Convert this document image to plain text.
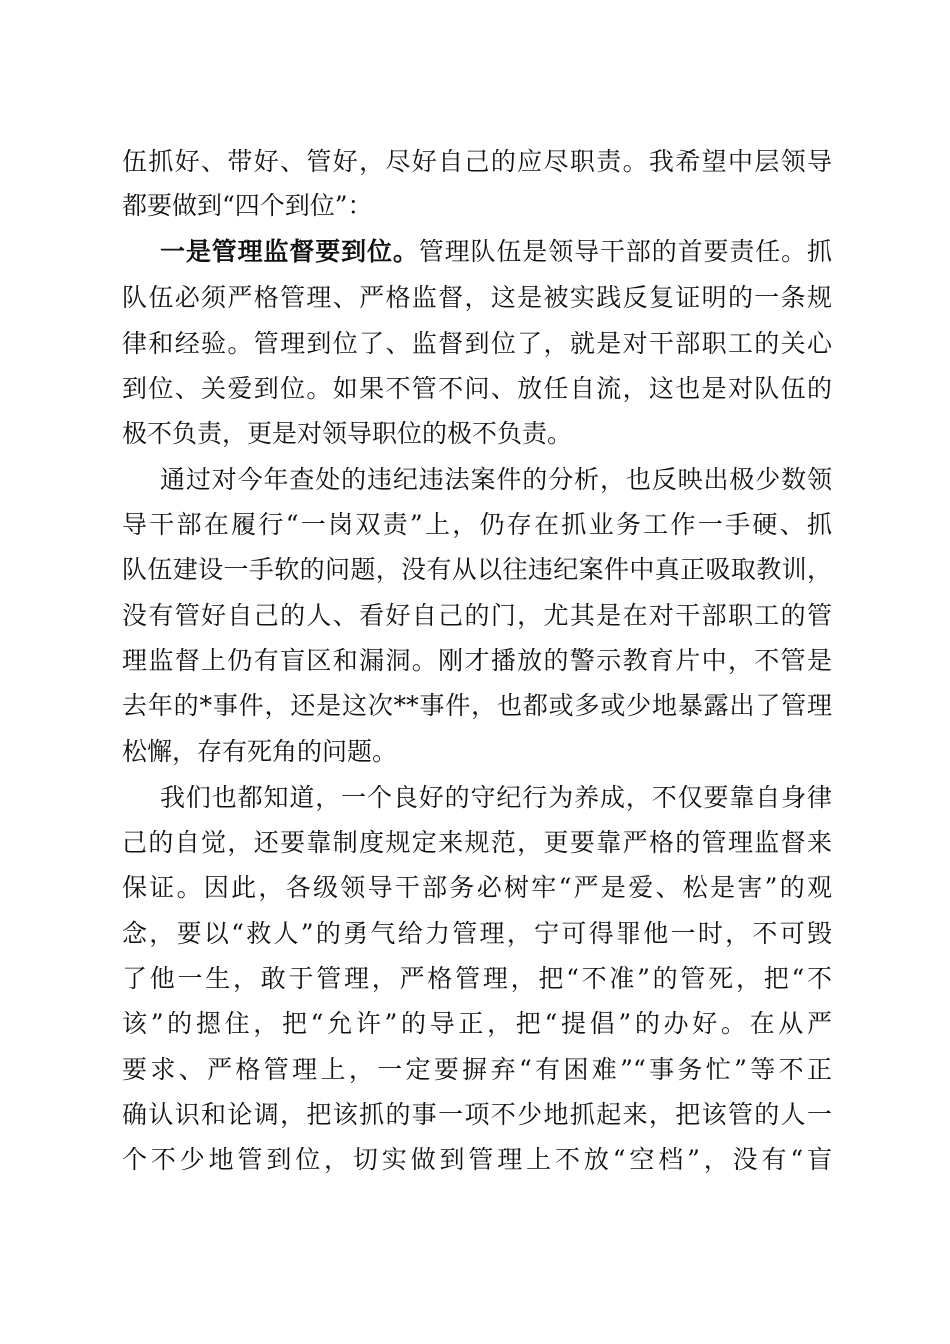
伍抓好、带好、管好，尽好自己的应尽职责。我希望中层领导
都要做到“四个到位”：
一是管理监督要到位。管理队伍是领导干部的首要责任。抓
队伍必须严格管理、严格监督，这是被实践反复证明的一条规
律和经验。管理到位了、监督到位了，就是对干部职工的关心
到位、关爱到位。如果不管不问、放任自流，这也是对队伍的
极不负责，更是对领导职位的极不负责。
通过对今年查处的违纪违法案件的分析，也反映出极少数领
导干部在履行“一岗双责”上，仍存在抓业务工作一手硬、抓
队伍建设一手软的问题，没有从以往违纪案件中真正吸取教训，
没有管好自己的人、看好自己的门，尤其是在对干部职工的管
理监督上仍有盲区和漏洞。刚才播放的警示教育片中，不管是
去年的*事件，还是这次**事件，也都或多或少地暴露出了管理
松懈，存有死角的问题。
我们也都知道，一个良好的守纪行为养成，不仅要靠自身律
己的自觉，还要靠制度规定来规范，更要靠严格的管理监督来
保证。因此，各级领导干部务必树牢“严是爱、松是害”的观
念，要以“救人”的勇气给力管理，宁可得罪他一时，不可毁
了他一生，敢于管理，严格管理，把“不准”的管死，把“不
该”的摁住，把“允许”的导正，把“提倡”的办好。在从严
要求、严格管理上，一定要摒弃“有困难”“事务忙”等不正
确认识和论调，把该抓的事一项不少地抓起来，把该管的人一
个不少地管到位，切实做到管理上不放“空档”，没有“盲
